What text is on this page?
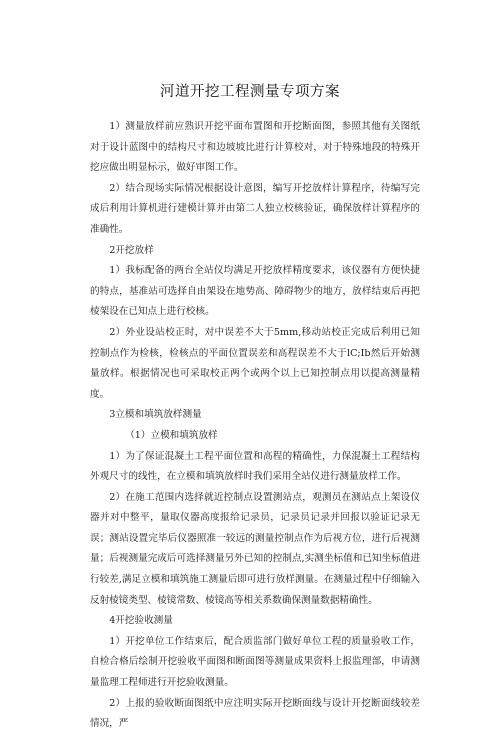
河道开挖工程测量专项方案

1）测量放样前应熟识开挖平面布置图和开挖断面图，参照其他有关图纸对于设计蓝图中的结构尺寸和边坡坡比进行计算校对，对于特殊地段的特殊开挖应做出明显标示，做好审图工作。

2）结合现场实际情况根据设计意图，编写开挖放样计算程序，待编写完成后利用计算机进行建模计算并由第二人独立校核验证，确保放样计算程序的准确性。

2开挖放样

1）我标配备的两台全站仪均满足开挖放样精度要求，该仪器有方便快捷的特点，基准站可选择自由架设在地势高、障碍物少的地方，放样结束后再把棱架设在已知点上进行校核。

2）外业设站校正时，对中误差不大于5mm,移动站校正完成后利用已知控制点作为检核，检核点的平面位置误差和高程误差不大于lC;Ib然后开始测量放样。根据情况也可采取校正两个或两个以上已知控制点用以提高测量精度。

3立模和填筑放样测量

（1）立模和填筑放样

1）为了保证混凝土工程平面位置和高程的精确性，力保混凝土工程结构外观尺寸的线性，在立模和填筑放样时我们采用全站仪进行测量放样工作。

2）在施工范围内选择就近控制点设置测站点，观测员在测站点上架设仪器并对中整平，量取仪器高度报给记录员，记录员记录并回报以验证记录无误；测站设置完毕后仪器照准一较远的测量控制点作为后视方位，进行后视测量；后视测量完成后可选择测量另外已知的控制点,实测坐标值和已知坐标值进行较差,满足立模和填筑施工测量后即可进行放样测量。在测量过程中仔细输入反射棱镜类型、棱镜常数、棱镜高等相关系数确保测量数据精确性。

4开挖验收测量

1）开挖单位工作结束后，配合质监部门做好单位工程的质量验收工作，自检合格后绘制开挖验收平面图和断面图等测量成果资料上报监理部，申请测量监理工程师进行开挖验收测量。

2）上报的验收断面图纸中应注明实际开挖断面线与设计开挖断面线较差情况，严
